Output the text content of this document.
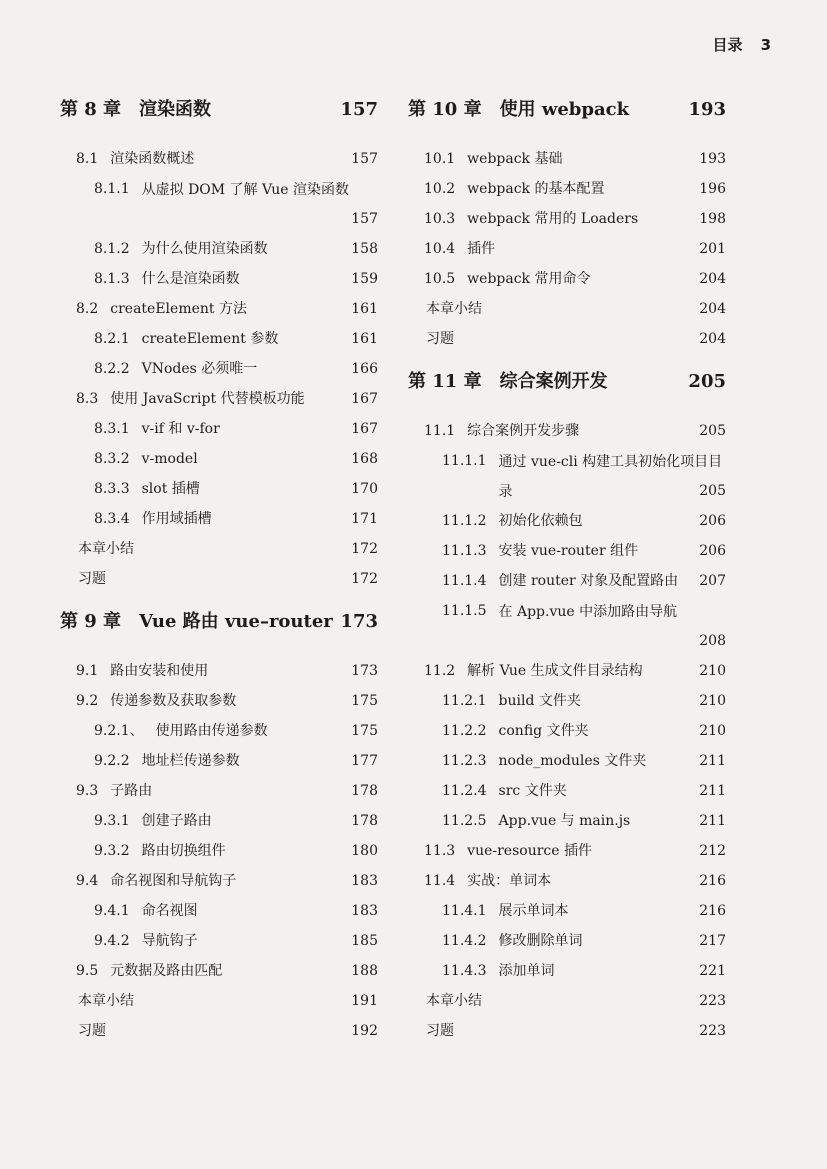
目录 3
第 8 章 渲染函数	157
8.1 渲染函数概述	157
8.1.1 从虚拟 DOM 了解 Vue 渲染函数
157
8.1.2 为什么使用渲染函数	158
8.1.3 什么是渲染函数	159
8.2 createElement 方法	161
8.2.1 createElement 参数	161
8.2.2 VNodes 必须唯一	166
8.3 使用 JavaScript 代替模板功能	167
8.3.1 v-if 和 v-for	167
8.3.2 v-model	168
8.3.3 slot 插槽	170
8.3.4 作用域插槽	171
本章小结	172
习题	172
第 9 章 Vue 路由 vue–router 173
9.1 路由安装和使用	173
9.2 传递参数及获取参数	175
9.2.1、 使用路由传递参数	175
9.2.2 地址栏传递参数	177
9.3 子路由	178
9.3.1 创建子路由	178
9.3.2 路由切换组件	180
9.4 命名视图和导航钩子	183
9.4.1 命名视图	183
9.4.2 导航钩子	185
9.5 元数据及路由匹配	188
本章小结	191
习题	192
第 10 章 使用 webpack	193
10.1 webpack 基础	193
10.2 webpack 的基本配置	196
10.3 webpack 常用的 Loaders	198
10.4 插件	201
10.5 webpack 常用命令	204
本章小结	204
习题	204
第 11 章 综合案例开发	205
11.1 综合案例开发步骤	205
11.1.1 通过 vue-cli 构建工具初始化项目目录	205
11.1.2 初始化依赖包	206
11.1.3 安装 vue-router 组件	206
11.1.4 创建 router 对象及配置路由	207
11.1.5 在 App.vue 中添加路由导航
208
11.2 解析 Vue 生成文件目录结构	210
11.2.1 build 文件夹	210
11.2.2 config 文件夹	210
11.2.3 node_modules 文件夹	211
11.2.4 src 文件夹	211
11.2.5 App.vue 与 main.js	211
11.3 vue-resource 插件	212
11.4 实战：单词本	216
11.4.1 展示单词本	216
11.4.2 修改删除单词	217
11.4.3 添加单词	221
本章小结	223
习题	223
